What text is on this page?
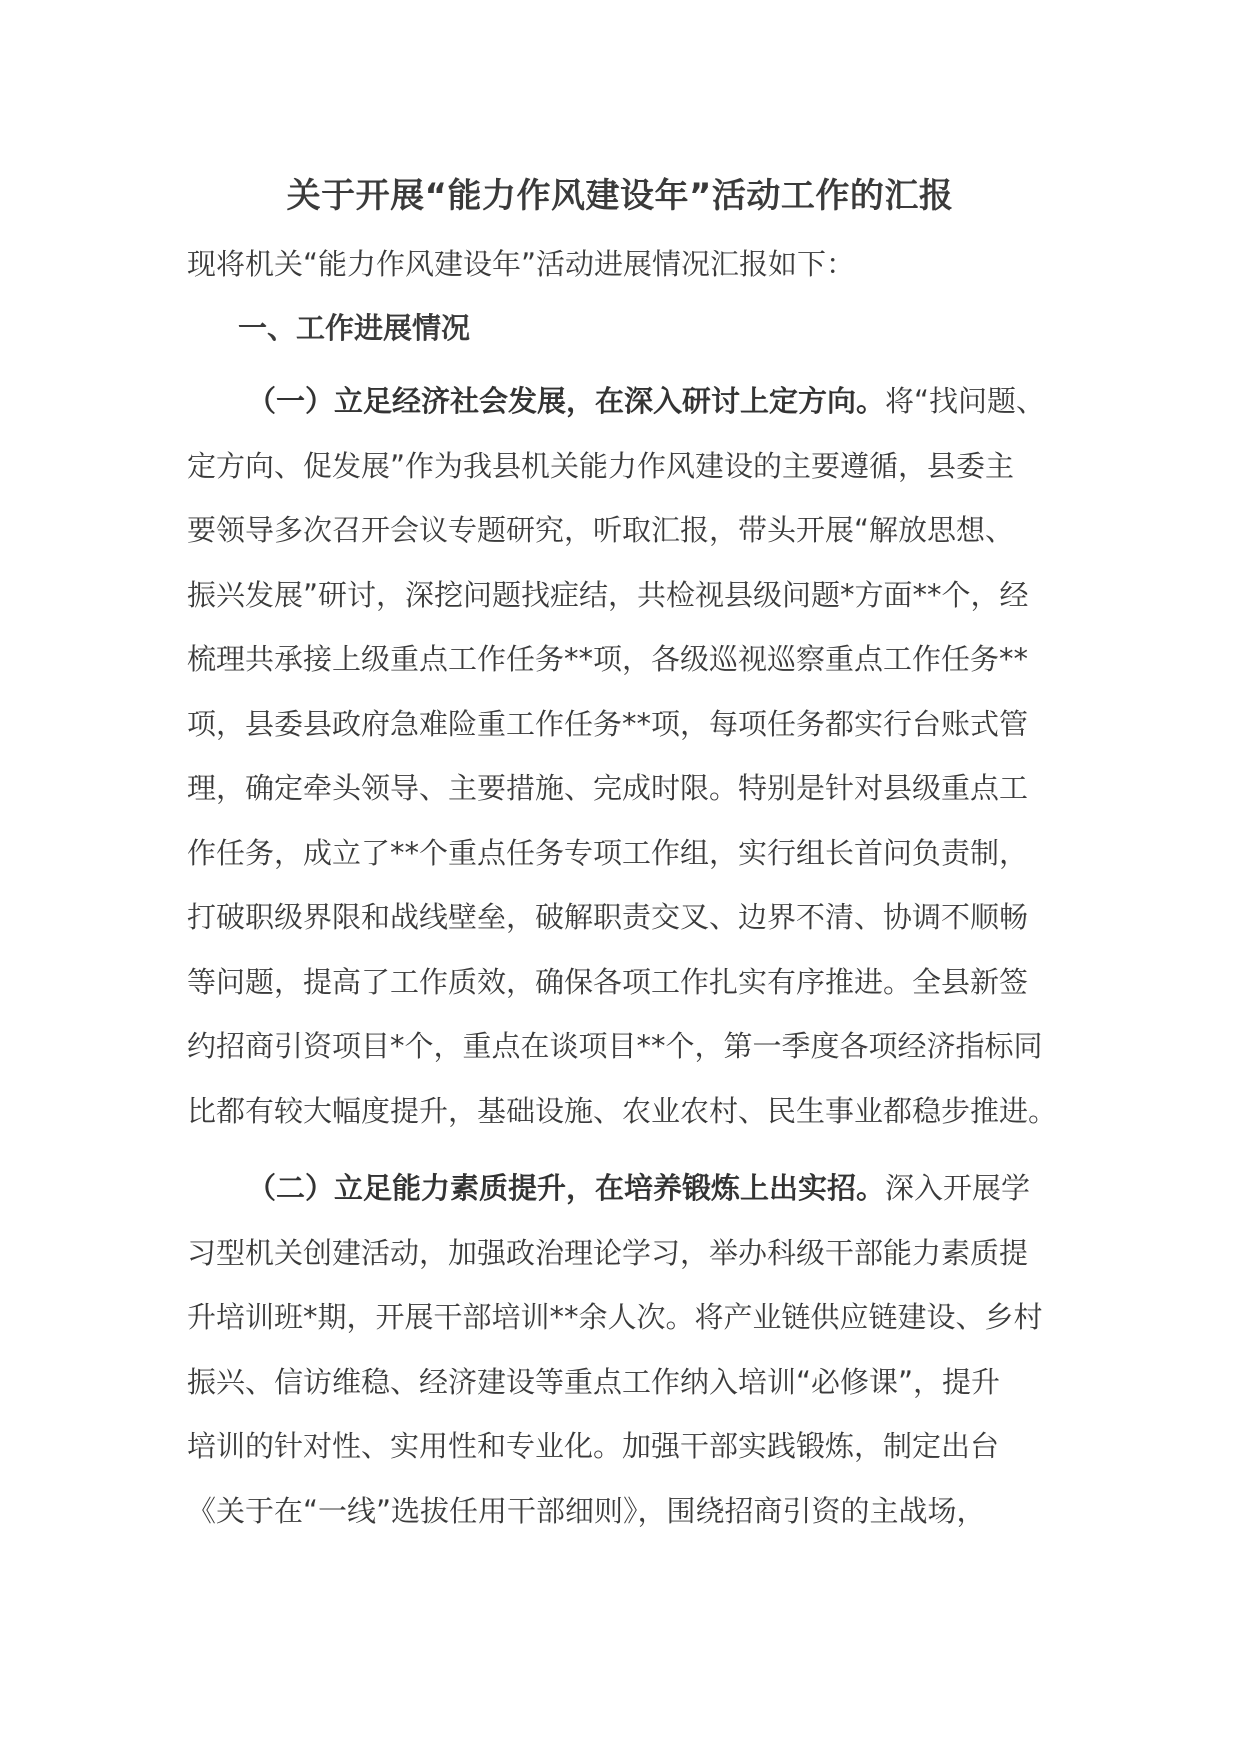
关于开展“能力作风建设年”活动工作的汇报
现将机关“能力作风建设年”活动进展情况汇报如下：
一、工作进展情况
（一）立足经济社会发展，在深入研讨上定方向。将“找问题、
定方向、促发展”作为我县机关能力作风建设的主要遵循，县委主
要领导多次召开会议专题研究，听取汇报，带头开展“解放思想、
振兴发展”研讨，深挖问题找症结，共检视县级问题*方面**个，经
梳理共承接上级重点工作任务**项，各级巡视巡察重点工作任务**
项，县委县政府急难险重工作任务**项，每项任务都实行台账式管
理，确定牵头领导、主要措施、完成时限。特别是针对县级重点工
作任务，成立了**个重点任务专项工作组，实行组长首问负责制，
打破职级界限和战线壁垒，破解职责交叉、边界不清、协调不顺畅
等问题，提高了工作质效，确保各项工作扎实有序推进。全县新签
约招商引资项目*个，重点在谈项目**个，第一季度各项经济指标同
比都有较大幅度提升，基础设施、农业农村、民生事业都稳步推进。
（二）立足能力素质提升，在培养锻炼上出实招。深入开展学
习型机关创建活动，加强政治理论学习，举办科级干部能力素质提
升培训班*期，开展干部培训**余人次。将产业链供应链建设、乡村
振兴、信访维稳、经济建设等重点工作纳入培训“必修课”，提升
培训的针对性、实用性和专业化。加强干部实践锻炼，制定出台
《关于在“一线”选拔任用干部细则》，围绕招商引资的主战场，
